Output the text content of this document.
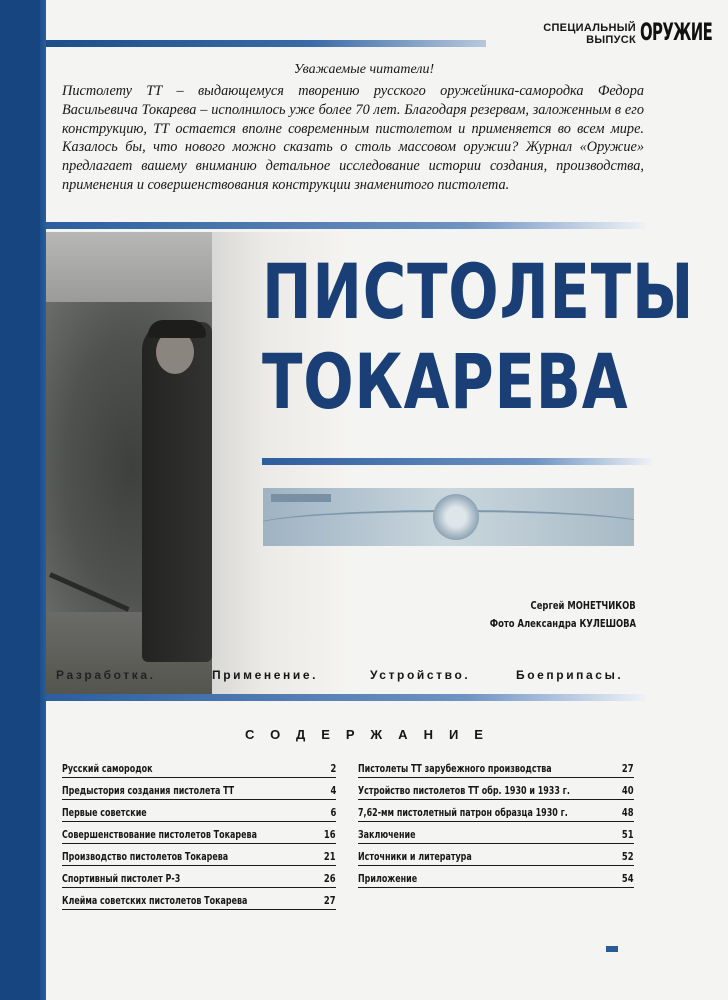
СПЕЦИАЛЬНЫЙ
ВЫПУСК ОРУЖИЕ
Уважаемые читатели!
Пистолету ТТ – выдающемуся творению русского оружейника-самородка Федора Васильевича Токарева – исполнилось уже более 70 лет. Благодаря резервам, заложенным в его конструкцию, ТТ остается вполне современным пистолетом и применяется во всем мире. Казалось бы, что нового можно сказать о столь массовом оружии? Журнал «Оружие» предлагает вашему вниманию детальное исследование истории создания, производства, применения и совершенствования конструкции знаменитого пистолета.
ПИСТОЛЕТЫ
ТОКАРЕВА
Сергей МОНЕТЧИКОВ
Фото Александра КУЛЕШОВА
Разработка.	Применение.	Устройство.	Боеприпасы.
СОДЕРЖАНИЕ
Русский самородок	2
Предыстория создания пистолета ТТ	4
Первые советские	6
Совершенствование пистолетов Токарева	16
Производство пистолетов Токарева	21
Спортивный пистолет Р-3	26
Клейма советских пистолетов Токарева	27
Пистолеты ТТ зарубежного производства	27
Устройство пистолетов ТТ обр. 1930 и 1933 г.	40
7,62-мм пистолетный патрон образца 1930 г.	48
Заключение	51
Источники и литература	52
Приложение	54
